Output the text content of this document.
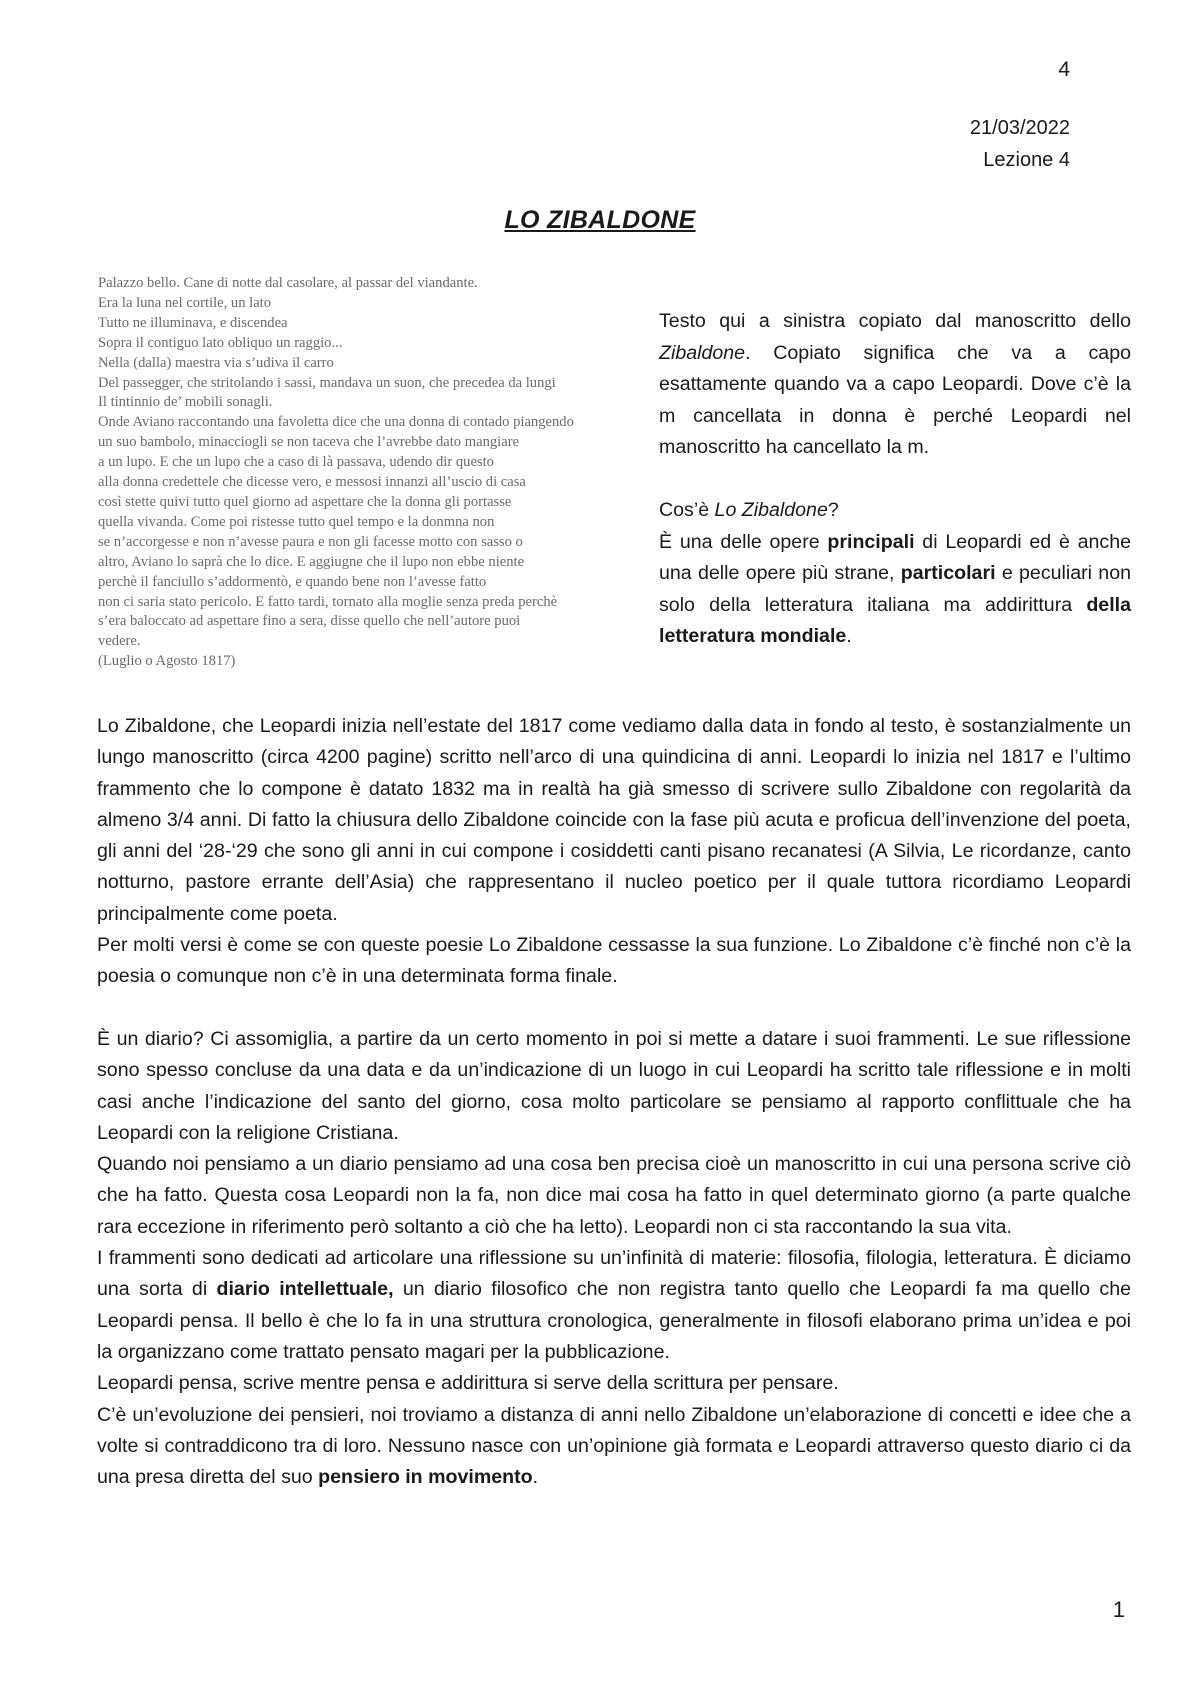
4
21/03/2022
Lezione 4
LO ZIBALDONE
Palazzo bello. Cane di notte dal casolare, al passar del viandante.
Era la luna nel cortile, un lato
Tutto ne illuminava, e discendea
Sopra il contiguo lato obliquo un raggio...
Nella (dalla) maestra via s’udiva il carro
Del passegger, che stritolando i sassi, mandava un suon, che precedea da lungi
Il tintinnio de’ mobili sonagli.
Onde Aviano raccontando una favoletta dice che una donna di contado piangendo
un suo bambolo, minacciogli se non taceva che l’avrebbe dato mangiare
a un lupo. E che un lupo che a caso di là passava, udendo dir questo
alla donna credettele che dicesse vero, e messosi innanzi all’uscio di casa
così stette quivi tutto quel giorno ad aspettare che la donna gli portasse
quella vivanda. Come poi ristesse tutto quel tempo e la donmna non
se n’accorgesse e non n’avesse paura e non gli facesse motto con sasso o
altro, Aviano lo saprà che lo dice. E aggiugne che il lupo non ebbe niente
perchè il fanciullo s’addormentò, e quando bene non l’avesse fatto
non ci saria stato pericolo. E fatto tardi, tornato alla moglie senza preda perchè
s’era baloccato ad aspettare fino a sera, disse quello che nell’autore puoi
vedere.
(Luglio o Agosto 1817)

Testo qui a sinistra copiato dal manoscritto dello Zibaldone. Copiato significa che va a capo esattamente quando va a capo Leopardi. Dove c’è la m cancellata in donna è perché Leopardi nel manoscritto ha cancellato la m.

Cos’è Lo Zibaldone?

È una delle opere principali di Leopardi ed è anche una delle opere più strane, particolari e peculiari non solo della letteratura italiana ma addirittura della letteratura mondiale.

Lo Zibaldone, che Leopardi inizia nell’estate del 1817 come vediamo dalla data in fondo al testo, è sostanzialmente un lungo manoscritto (circa 4200 pagine) scritto nell’arco di una quindicina di anni. Leopardi lo inizia nel 1817 e l’ultimo frammento che lo compone è datato 1832 ma in realtà ha già smesso di scrivere sullo Zibaldone con regolarità da almeno 3/4 anni. Di fatto la chiusura dello Zibaldone coincide con la fase più acuta e proficua dell’invenzione del poeta, gli anni del ‘28-‘29 che sono gli anni in cui compone i cosiddetti canti pisano recanatesi (A Silvia, Le ricordanze, canto notturno, pastore errante dell’Asia) che rappresentano il nucleo poetico per il quale tuttora ricordiamo Leopardi principalmente come poeta.

Per molti versi è come se con queste poesie Lo Zibaldone cessasse la sua funzione. Lo Zibaldone c’è finché non c’è la poesia o comunque non c’è in una determinata forma finale.

È un diario? Ci assomiglia, a partire da un certo momento in poi si mette a datare i suoi frammenti. Le sue riflessione sono spesso concluse da una data e da un’indicazione di un luogo in cui Leopardi ha scritto tale riflessione e in molti casi anche l’indicazione del santo del giorno, cosa molto particolare se pensiamo al rapporto conflittuale che ha Leopardi con la religione Cristiana.

Quando noi pensiamo a un diario pensiamo ad una cosa ben precisa cioè un manoscritto in cui una persona scrive ciò che ha fatto. Questa cosa Leopardi non la fa, non dice mai cosa ha fatto in quel determinato giorno (a parte qualche rara eccezione in riferimento però soltanto a ciò che ha letto). Leopardi non ci sta raccontando la sua vita.

I frammenti sono dedicati ad articolare una riflessione su un’infinità di materie: filosofia, filologia, letteratura. È diciamo una sorta di diario intellettuale, un diario filosofico che non registra tanto quello che Leopardi fa ma quello che Leopardi pensa. Il bello è che lo fa in una struttura cronologica, generalmente in filosofi elaborano prima un’idea e poi la organizzano come trattato pensato magari per la pubblicazione.

Leopardi pensa, scrive mentre pensa e addirittura si serve della scrittura per pensare.

C’è un’evoluzione dei pensieri, noi troviamo a distanza di anni nello Zibaldone un’elaborazione di concetti e idee che a volte si contraddicono tra di loro. Nessuno nasce con un’opinione già formata e Leopardi attraverso questo diario ci da una presa diretta del suo pensiero in movimento.

1
